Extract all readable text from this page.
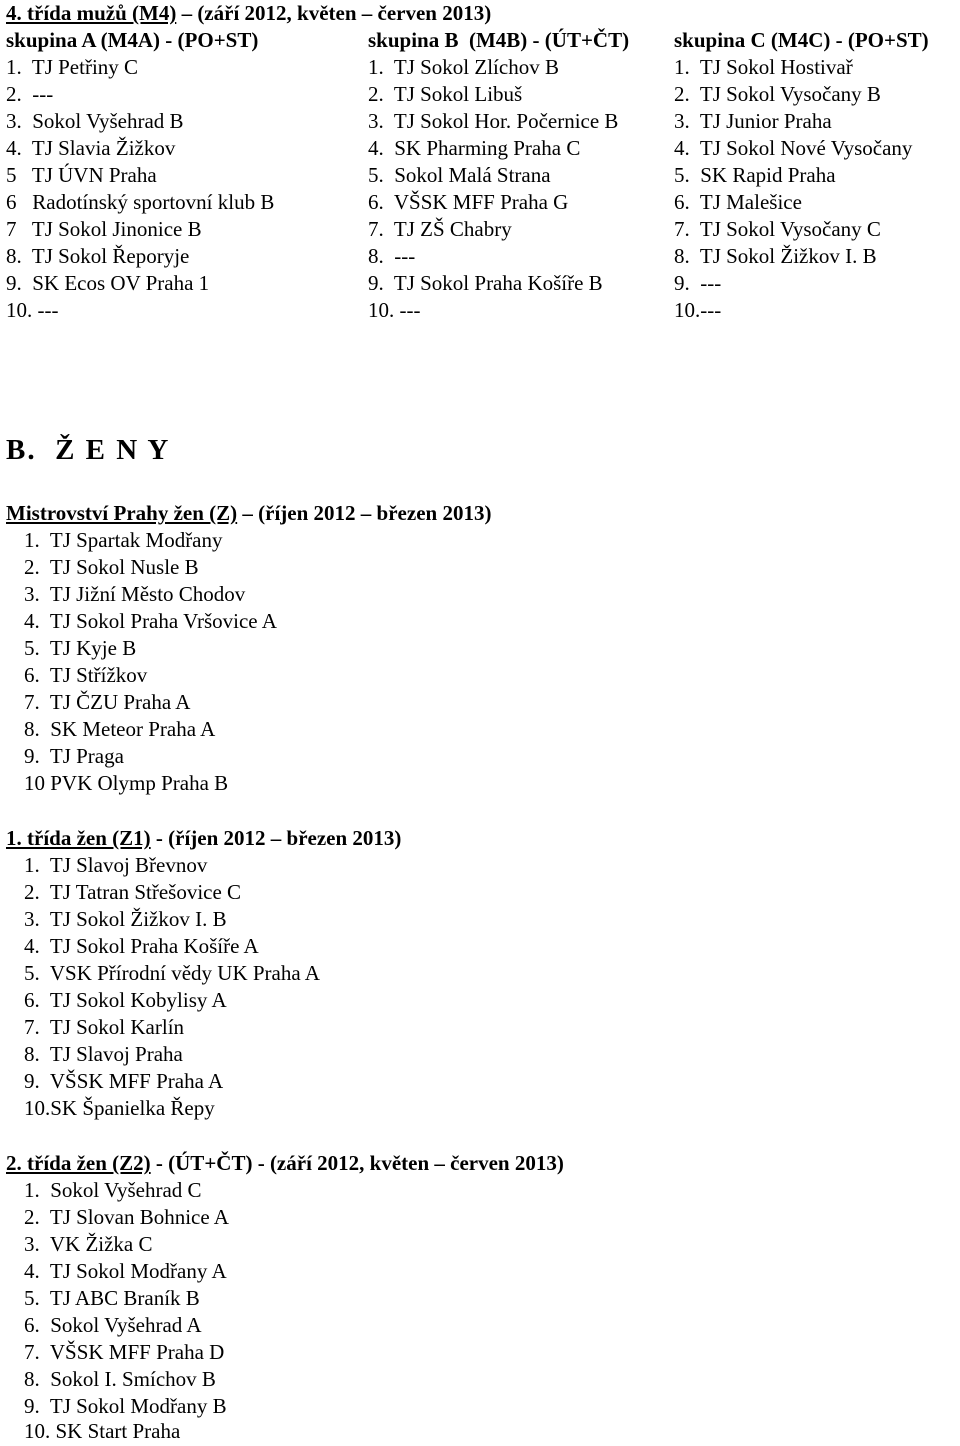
4. třída mužů (M4) – (září 2012, květen – červen 2013)
skupina A (M4A) - (PO+ST)
1.  TJ Petřiny C
2.  ---
3.  Sokol Vyšehrad B
4.  TJ Slavia Žižkov
5   TJ ÚVN Praha
6   Radotínský sportovní klub B
7   TJ Sokol Jinonice B
8.  TJ Sokol Řeporyje
9.  SK Ecos OV Praha 1
10. ---
skupina B  (M4B) - (ÚT+ČT)
1.  TJ Sokol Zlíchov B
2.  TJ Sokol Libuš
3.  TJ Sokol Hor. Počernice B
4.  SK Pharming Praha C
5.  Sokol Malá Strana
6.  VŠSK MFF Praha G
7.  TJ ZŠ Chabry
8.  ---
9.  TJ Sokol Praha Košíře B
10. ---
skupina C (M4C) - (PO+ST)
1.  TJ Sokol Hostivař
2.  TJ Sokol Vysočany B
3.  TJ Junior Praha
4.  TJ Sokol Nové Vysočany
5.  SK Rapid Praha
6.  TJ Malešice
7.  TJ Sokol Vysočany C
8.  TJ Sokol Žižkov I. B
9.  ---
10.---
B.  Ž E N Y
Mistrovství Prahy žen (Z) – (říjen 2012 – březen 2013)
1.  TJ Spartak Modřany
2.  TJ Sokol Nusle B
3.  TJ Jižní Město Chodov
4.  TJ Sokol Praha Vršovice A
5.  TJ Kyje B
6.  TJ Střížkov
7.  TJ ČZU Praha A
8.  SK Meteor Praha A
9.  TJ Praga
10 PVK Olymp Praha B
1. třída žen (Z1) - (říjen 2012 – březen 2013)
1.  TJ Slavoj Břevnov
2.  TJ Tatran Střešovice C
3.  TJ Sokol Žižkov I. B
4.  TJ Sokol Praha Košíře A
5.  VSK Přírodní vědy UK Praha A
6.  TJ Sokol Kobylisy A
7.  TJ Sokol Karlín
8.  TJ Slavoj Praha
9.  VŠSK MFF Praha A
10.SK Španielka Řepy
2. třída žen (Z2) - (ÚT+ČT) - (září 2012, květen – červen 2013)
1.  Sokol Vyšehrad C
2.  TJ Slovan Bohnice A
3.  VK Žižka C
4.  TJ Sokol Modřany A
5.  TJ ABC Braník B
6.  Sokol Vyšehrad A
7.  VŠSK MFF Praha D
8.  Sokol I. Smíchov B
9.  TJ Sokol Modřany B
10. SK Start Praha
